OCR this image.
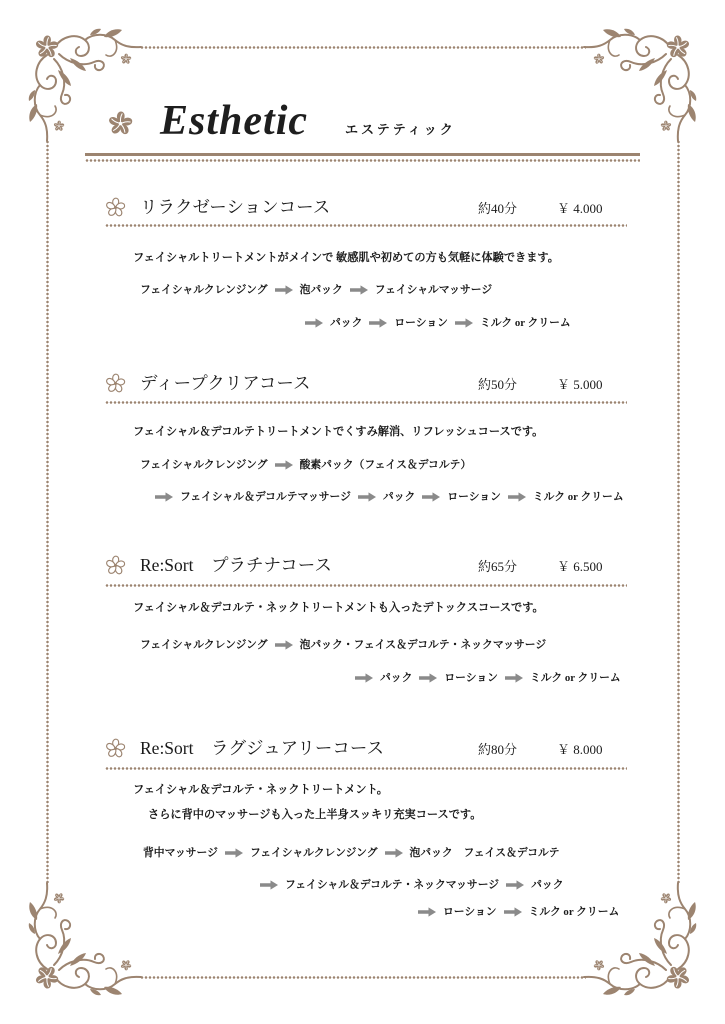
Esthetic	エステティック
リラクゼーションコース	約40分	￥ 4.000
フェイシャルトリートメントがメインで 敏感肌や初めての方も気軽に体験できます。
フェイシャルクレンジング	泡パック	フェイシャルマッサージ
パック	ローション	ミルク or クリーム
ディープクリアコース	約50分	￥ 5.000
フェイシャル＆デコルテトリートメントでくすみ解消、リフレッシュコースです。
フェイシャルクレンジング	酸素パック（フェイス＆デコルテ）
フェイシャル＆デコルテマッサージ	パック	ローション	ミルク or クリーム
Re:Sort　プラチナコース	約65分	￥ 6.500
フェイシャル＆デコルテ・ネックトリートメントも入ったデトックスコースです。
フェイシャルクレンジング	泡パック・フェイス＆デコルテ・ネックマッサージ
パック	ローション	ミルク or クリーム
Re:Sort　ラグジュアリーコース	約80分	￥ 8.000
フェイシャル＆デコルテ・ネックトリートメント。
さらに背中のマッサージも入った上半身スッキリ充実コースです。
背中マッサージ	フェイシャルクレンジング	泡パック　フェイス＆デコルテ
フェイシャル＆デコルテ・ネックマッサージ	パック
ローション	ミルク or クリーム
